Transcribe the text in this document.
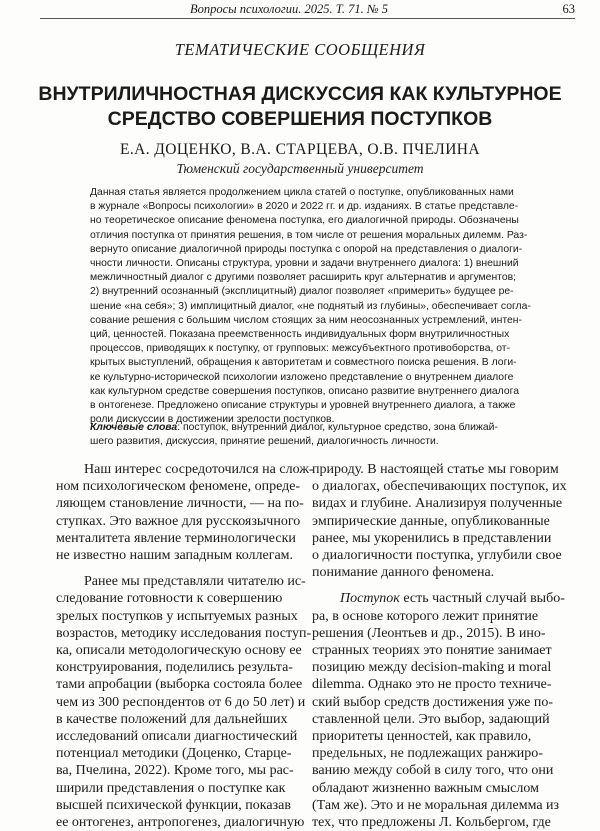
Вопросы психологии. 2025. Т. 71. № 5	63
ТЕМАТИЧЕСКИЕ СООБЩЕНИЯ
ВНУТРИЛИЧНОСТНАЯ ДИСКУССИЯ КАК КУЛЬТУРНОЕ
СРЕДСТВО СОВЕРШЕНИЯ ПОСТУПКОВ
Е.А. ДОЦЕНКО, В.А. СТАРЦЕВА, О.В. ПЧЕЛИНА
Тюменский государственный университет
Данная статья является продолжением цикла статей о поступке, опубликованных нами
в журнале «Вопросы психологии» в 2020 и 2022 гг. и др. изданиях. В статье представле-
но теоретическое описание феномена поступка, его диалогичной природы. Обозначены
отличия поступка от принятия решения, в том числе от решения моральных дилемм. Раз-
вернуто описание диалогичной природы поступка с опорой на представления о диалоги-
чности личности. Описаны структура, уровни и задачи внутреннего диалога: 1) внешний
межличностный диалог с другими позволяет расширить круг альтернатив и аргументов;
2) внутренний осознанный (эксплицитный) диалог позволяет «примерить» будущее ре-
шение «на себя»; 3) имплицитный диалог, «не поднятый из глубины», обеспечивает согла-
сование решения с большим числом стоящих за ним неосознанных устремлений, интен-
ций, ценностей. Показана преемственность индивидуальных форм внутриличностных
процессов, приводящих к поступку, от групповых: межсубъектного противоборства, от-
крытых выступлений, обращения к авторитетам и совместного поиска решения. В логи-
ке культурно-исторической психологии изложено представление о внутреннем диалоге
как культурном средстве совершения поступков, описано развитие внутреннего диалога
в онтогенезе. Предложено описание структуры и уровней внутреннего диалога, а также
роли дискуссии в достижении зрелости поступков.
Ключевые слова: поступок, внутренний диалог, культурное средство, зона ближай-
шего развития, дискуссия, принятие решений, диалогичность личности.
Наш интерес сосредоточился на слож-
ном психологическом феномене, опреде-
ляющем становление личности, — на по-
ступках. Это важное для русскоязычного
менталитета явление терминологически
не известно нашим западным коллегам.
Ранее мы представляли читателю ис-
следование готовности к совершению
зрелых поступков у испытуемых разных
возрастов, методику исследования поступ-
ка, описали методологическую основу ее
конструирования, поделились результа-
тами апробации (выборка состояла более
чем из 300 респондентов от 6 до 50 лет) и
в качестве положений для дальнейших
исследований описали диагностический
потенциал методики (Доценко, Старце-
ва, Пчелина, 2022). Кроме того, мы рас-
ширили представления о поступке как
высшей психической функции, показав
ее онтогенез, антропогенез, диалогичную
природу. В настоящей статье мы говорим
о диалогах, обеспечивающих поступок, их
видах и глубине. Анализируя полученные
эмпирические данные, опубликованные
ранее, мы укоренились в представлении
о диалогичности поступка, углубили свое
понимание данного феномена.
Поступок есть частный случай выбо-
ра, в основе которого лежит принятие
решения (Леонтьев и др., 2015). В ино-
странных теориях это понятие занимает
позицию между decision-making и moral
dilemma. Однако это не просто техниче-
ский выбор средств достижения уже по-
ставленной цели. Это выбор, задающий
приоритеты ценностей, как правило,
предельных, не подлежащих ранжиро-
ванию между собой в силу того, что они
обладают жизненно важным смыслом
(Там же). Это и не моральная дилемма из
тех, что предложены Л. Кольбергом, где
